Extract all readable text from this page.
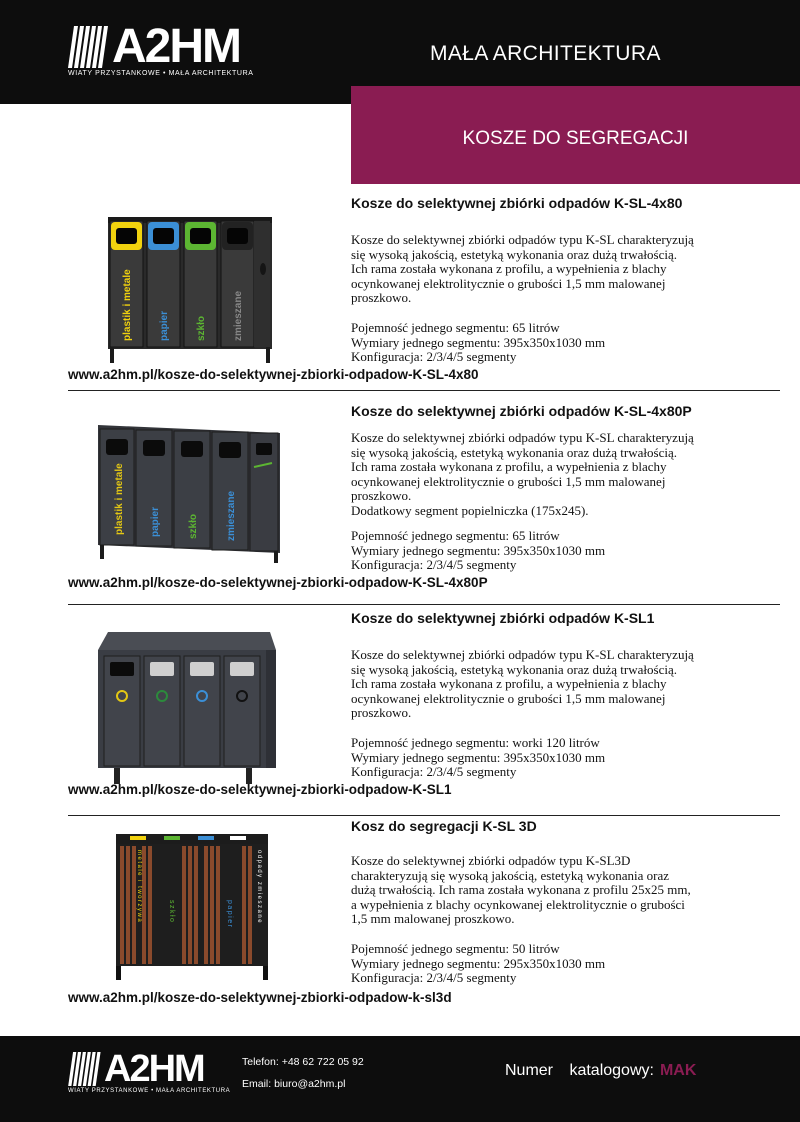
A2HM
WIATY PRZYSTANKOWE • MAŁA ARCHITEKTURA
MAŁA ARCHITEKTURA
KOSZE DO SEGREGACJI
Kosze do selektywnej zbiórki odpadów K-SL-4x80
Kosze do selektywnej zbiórki odpadów typu K-SL charakteryzują
się wysoką jakością, estetyką wykonania oraz dużą trwałością.
Ich rama została wykonana z profilu, a wypełnienia z blachy
ocynkowanej elektrolitycznie o grubości 1,5 mm malowanej
proszkowo.
Pojemność jednego segmentu: 65 litrów
Wymiary jednego segmentu: 395x350x1030 mm
Konfiguracja: 2/3/4/5 segmenty
plastik i metale	papier	szkło	zmieszane
www.a2hm.pl/kosze-do-selektywnej-zbiorki-odpadow-K-SL-4x80
Kosze do selektywnej zbiórki odpadów K-SL-4x80P
Kosze do selektywnej zbiórki odpadów typu K-SL charakteryzują
się wysoką jakością, estetyką wykonania oraz dużą trwałością.
Ich rama została wykonana z profilu, a wypełnienia z blachy
ocynkowanej elektrolitycznie o grubości 1,5 mm malowanej
proszkowo.
Dodatkowy segment popielniczka (175x245).
Pojemność jednego segmentu: 65 litrów
Wymiary jednego segmentu: 395x350x1030 mm
Konfiguracja: 2/3/4/5 segmenty
plastik i metale	papier	szkło	zmieszane
www.a2hm.pl/kosze-do-selektywnej-zbiorki-odpadow-K-SL-4x80P
Kosze do selektywnej zbiórki odpadów K-SL1
Kosze do selektywnej zbiórki odpadów typu K-SL charakteryzują
się wysoką jakością, estetyką wykonania oraz dużą trwałością.
Ich rama została wykonana z profilu, a wypełnienia z blachy
ocynkowanej elektrolitycznie o grubości 1,5 mm malowanej
proszkowo.
Pojemność jednego segmentu: worki 120 litrów
Wymiary jednego segmentu: 395x350x1030 mm
Konfiguracja: 2/3/4/5 segmenty
www.a2hm.pl/kosze-do-selektywnej-zbiorki-odpadow-K-SL1
Kosz do segregacji K-SL 3D
Kosze do selektywnej zbiórki odpadów typu K-SL3D
charakteryzują się wysoką jakością, estetyką wykonania oraz
dużą trwałością. Ich rama została wykonana z profilu 25x25 mm,
a wypełnienia z blachy ocynkowanej elektrolitycznie o grubości
1,5 mm malowanej proszkowo.
Pojemność jednego segmentu: 50 litrów
Wymiary jednego segmentu: 295x350x1030 mm
Konfiguracja: 2/3/4/5 segmenty
metale i tworzywa	szkło	papier	odpady zmieszane
www.a2hm.pl/kosze-do-selektywnej-zbiorki-odpadow-k-sl3d
A2HM
WIATY PRZYSTANKOWE • MAŁA ARCHITEKTURA
Telefon: +48 62 722 05 92
Email: biuro@a2hm.pl
Numer katalogowy: MAK
